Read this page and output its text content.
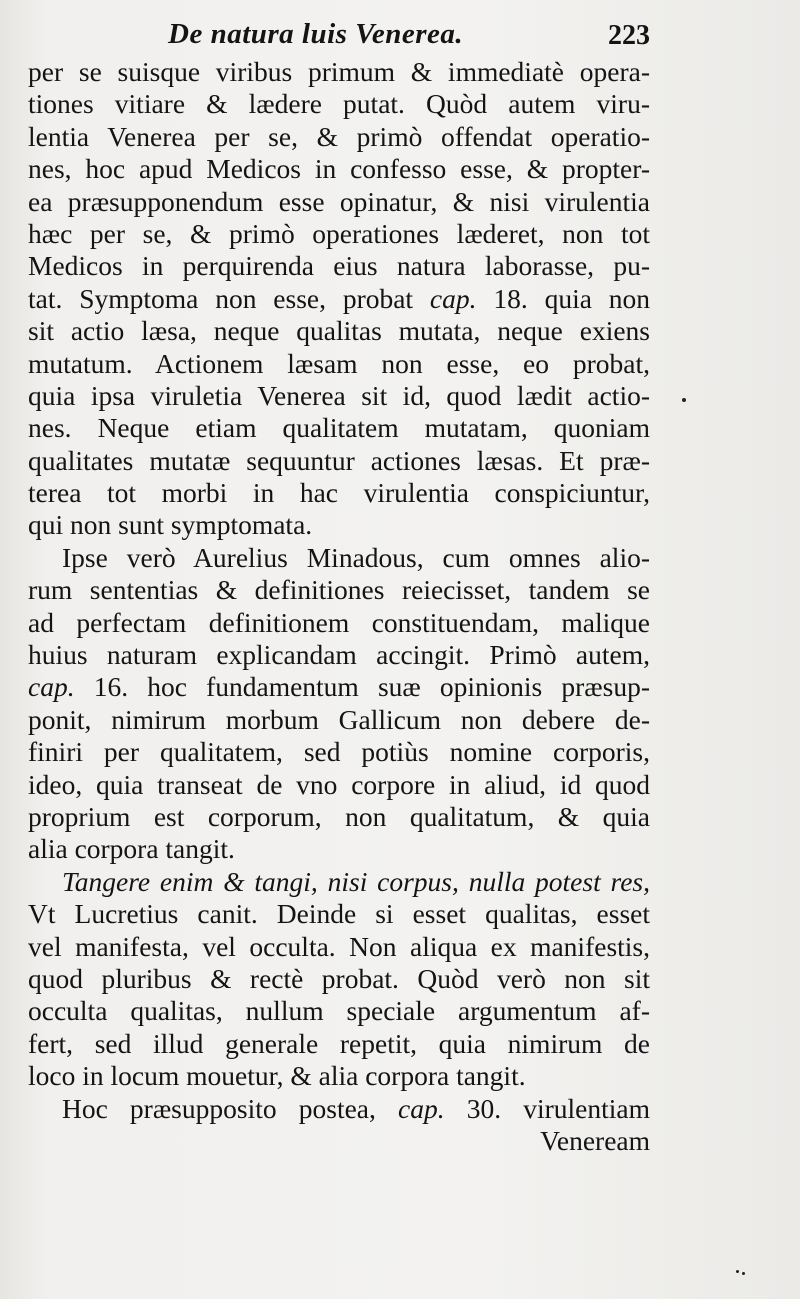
De natura luis Venerea.	223
per se suisque viribus primum & immediatè opera-
tiones vitiare & lædere putat. Quòd autem viru-
lentia Venerea per se, & primò offendat operatio-
nes, hoc apud Medicos in confesso esse, & propter-
ea præsupponendum esse opinatur, & nisi virulentia
hæc per se, & primò operationes læderet, non tot
Medicos in perquirenda eius natura laborasse, pu-
tat. Symptoma non esse, probat cap. 18. quia non
sit actio læsa, neque qualitas mutata, neque exiens
mutatum. Actionem læsam non esse, eo probat,
quia ipsa viruletia Venerea sit id, quod lædit actio-
nes. Neque etiam qualitatem mutatam, quoniam
qualitates mutatæ sequuntur actiones læsas. Et præ-
terea tot morbi in hac virulentia conspiciuntur,
qui non sunt symptomata.
Ipse verò Aurelius Minadous, cum omnes alio-
rum sententias & definitiones reiecisset, tandem se
ad perfectam definitionem constituendam, malique
huius naturam explicandam accingit. Primò autem,
cap. 16. hoc fundamentum suæ opinionis præsup-
ponit, nimirum morbum Gallicum non debere de-
finiri per qualitatem, sed potiùs nomine corporis,
ideo, quia transeat de vno corpore in aliud, id quod
proprium est corporum, non qualitatum, & quia
alia corpora tangit.
Tangere enim & tangi, nisi corpus, nulla potest res,
Vt Lucretius canit. Deinde si esset qualitas, esset
vel manifesta, vel occulta. Non aliqua ex manifestis,
quod pluribus & rectè probat. Quòd verò non sit
occulta qualitas, nullum speciale argumentum af-
fert, sed illud generale repetit, quia nimirum de
loco in locum mouetur, & alia corpora tangit.
Hoc præsupposito postea, cap. 30. virulentiam
Veneream
